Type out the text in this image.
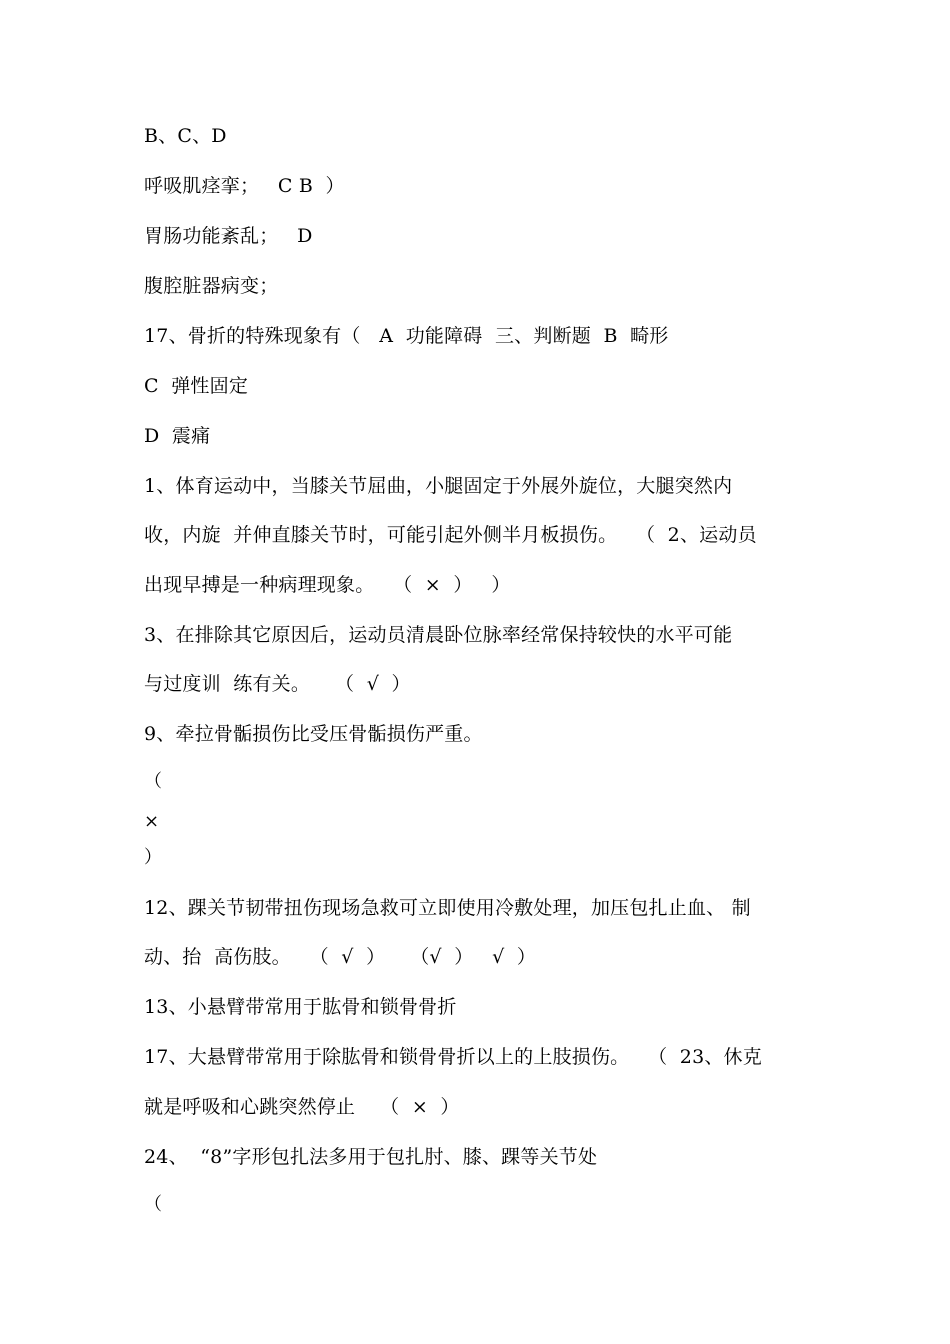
B、C、D
呼吸肌痉挛；   C B  ）
胃肠功能紊乱；   D
腹腔脏器病变；
17、骨折的特殊现象有（   A  功能障碍  三、判断题  B  畸形
C  弹性固定
D  震痛
1、体育运动中，当膝关节屈曲，小腿固定于外展外旋位，大腿突然内
收，内旋  并伸直膝关节时，可能引起外侧半月板损伤。   （  2、运动员
出现早搏是一种病理现象。   （  ×  ）   ）
3、在排除其它原因后，运动员清晨卧位脉率经常保持较快的水平可能
与过度训  练有关。    （  √  ）
9、牵拉骨骺损伤比受压骨骺损伤严重。
（
×
）
12、踝关节韧带扭伤现场急救可立即使用冷敷处理，加压包扎止血、 制
动、抬  高伤肢。   （  √  ）    （√  ）   √  ）
13、小悬臂带常用于肱骨和锁骨骨折
17、大悬臂带常用于除肱骨和锁骨骨折以上的上肢损伤。   （  23、休克
就是呼吸和心跳突然停止    （  ×  ）
24、  “8”字形包扎法多用于包扎肘、膝、踝等关节处
（
